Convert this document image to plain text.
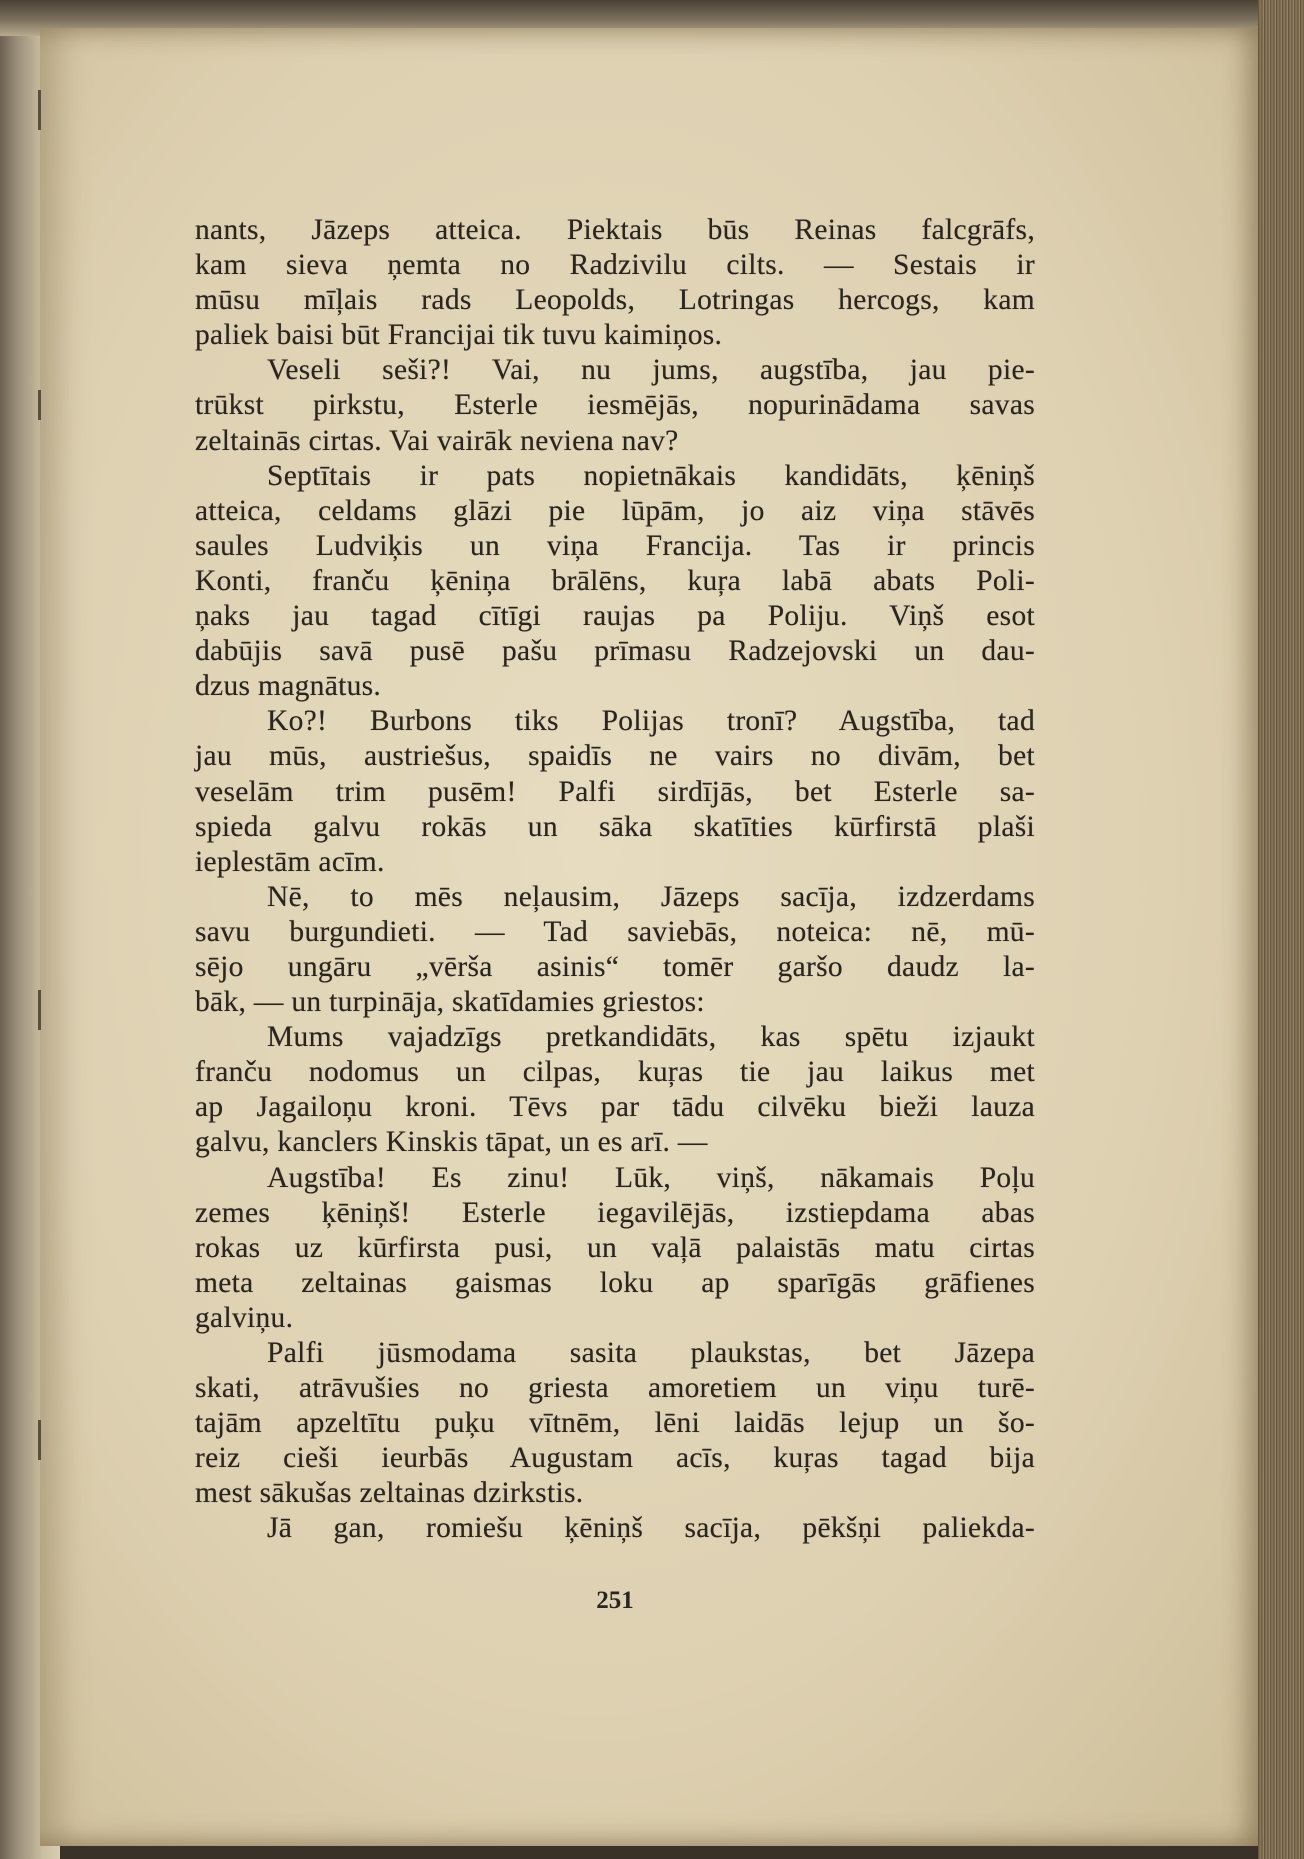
nants, Jāzeps atteica. Piektais būs Reinas falcgrāfs,
kam sieva ņemta no Radzivilu cilts. — Sestais ir
mūsu mīļais rads Leopolds, Lotringas hercogs, kam
paliek baisi būt Francijai tik tuvu kaimiņos.
Veseli seši?! Vai, nu jums, augstība, jau pie-
trūkst pirkstu, Esterle iesmējās, nopurinādama savas
zeltainās cirtas. Vai vairāk neviena nav?
Septītais ir pats nopietnākais kandidāts, ķēniņš
atteica, celdams glāzi pie lūpām, jo aiz viņa stāvēs
saules Ludviķis un viņa Francija. Tas ir princis
Konti, franču ķēniņa brālēns, kuŗa labā abats Poli-
ņaks jau tagad cītīgi raujas pa Poliju. Viņš esot
dabūjis savā pusē pašu prīmasu Radzejovski un dau-
dzus magnātus.
Ko?! Burbons tiks Polijas tronī? Augstība, tad
jau mūs, austriešus, spaidīs ne vairs no divām, bet
veselām trim pusēm! Palfi sirdījās, bet Esterle sa-
spieda galvu rokās un sāka skatīties kūrfirstā plaši
ieplestām acīm.
Nē, to mēs neļausim, Jāzeps sacīja, izdzerdams
savu burgundieti. — Tad saviebās, noteica: nē, mū-
sējo ungāru „vērša asinis“ tomēr garšo daudz la-
bāk, — un turpināja, skatīdamies griestos:
Mums vajadzīgs pretkandidāts, kas spētu izjaukt
franču nodomus un cilpas, kuŗas tie jau laikus met
ap Jagailoņu kroni. Tēvs par tādu cilvēku bieži lauza
galvu, kanclers Kinskis tāpat, un es arī. —
Augstība! Es zinu! Lūk, viņš, nākamais Poļu
zemes ķēniņš! Esterle iegavilējās, izstiepdama abas
rokas uz kūrfirsta pusi, un vaļā palaistās matu cirtas
meta zeltainas gaismas loku ap sparīgās grāfienes
galviņu.
Palfi jūsmodama sasita plaukstas, bet Jāzepa
skati, atrāvušies no griesta amoretiem un viņu turē-
tajām apzeltītu puķu vītnēm, lēni laidās lejup un šo-
reiz cieši ieurbās Augustam acīs, kuŗas tagad bija
mest sākušas zeltainas dzirkstis.
Jā gan, romiešu ķēniņš sacīja, pēkšņi paliekda-
251
